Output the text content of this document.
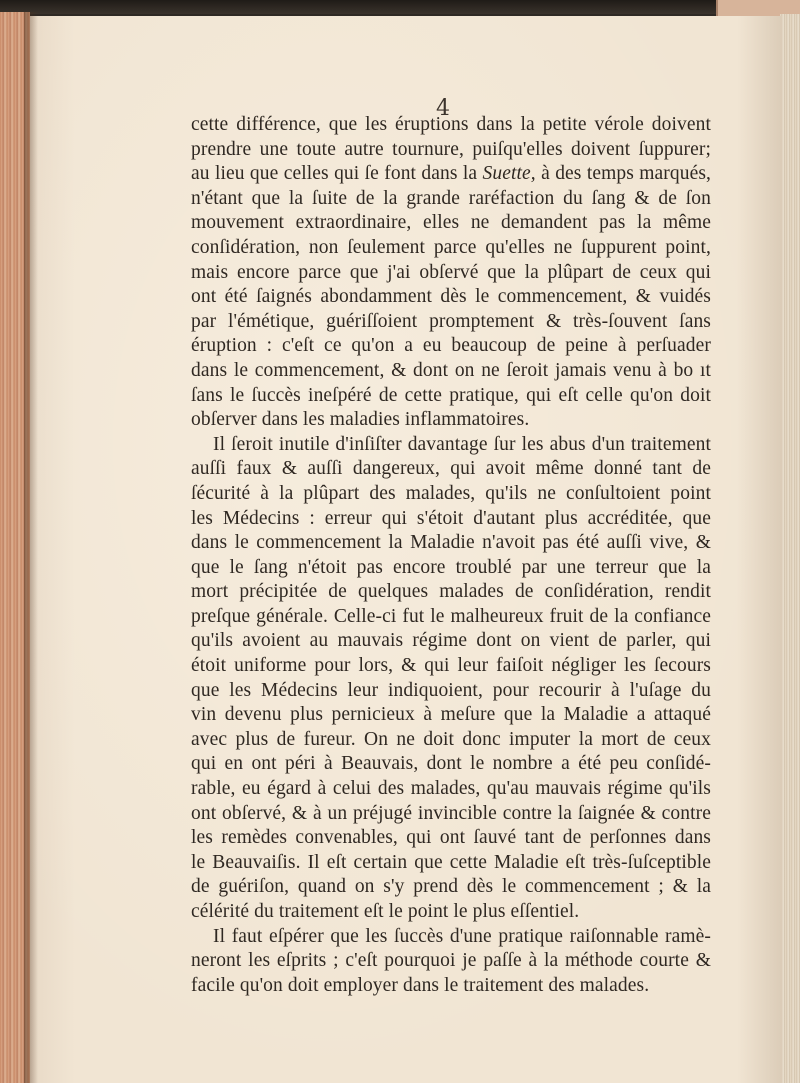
4
cette différence, que les éruptions dans la petite vérole doivent
prendre une toute autre tournure, puiſqu'elles doivent ſuppurer;
au lieu que celles qui ſe font dans la Suette, à des temps marqués,
n'étant que la ſuite de la grande raréfaction du ſang & de ſon
mouvement extraordinaire, elles ne demandent pas la même
conſidération, non ſeulement parce qu'elles ne ſuppurent point,
mais encore parce que j'ai obſervé que la plûpart de ceux qui
ont été ſaignés abondamment dès le commencement, & vuidés
par l'émétique, guériſſoient promptement & très-ſouvent ſans
éruption : c'eſt ce qu'on a eu beaucoup de peine à perſuader
dans le commencement, & dont on ne ſeroit jamais venu à bo ıt
ſans le ſuccès ineſpéré de cette pratique, qui eſt celle qu'on doit
obſerver dans les maladies inflammatoires.
Il ſeroit inutile d'inſiſter davantage ſur les abus d'un traitement
auſſi faux & auſſi dangereux, qui avoit même donné tant de
ſécurité à la plûpart des malades, qu'ils ne conſultoient point
les Médecins : erreur qui s'étoit d'autant plus accréditée, que
dans le commencement la Maladie n'avoit pas été auſſi vive, &
que le ſang n'étoit pas encore troublé par une terreur que la
mort précipitée de quelques malades de conſidération, rendit
preſque générale. Celle-ci fut le malheureux fruit de la confiance
qu'ils avoient au mauvais régime dont on vient de parler, qui
étoit uniforme pour lors, & qui leur faiſoit négliger les ſecours
que les Médecins leur indiquoient, pour recourir à l'uſage du
vin devenu plus pernicieux à meſure que la Maladie a attaqué
avec plus de fureur. On ne doit donc imputer la mort de ceux
qui en ont péri à Beauvais, dont le nombre a été peu conſidé-
rable, eu égard à celui des malades, qu'au mauvais régime qu'ils
ont obſervé, & à un préjugé invincible contre la ſaignée & contre
les remèdes convenables, qui ont ſauvé tant de perſonnes dans
le Beauvaiſis. Il eſt certain que cette Maladie eſt très-ſuſceptible
de guériſon, quand on s'y prend dès le commencement ; & la
célérité du traitement eſt le point le plus eſſentiel.
Il faut eſpérer que les ſuccès d'une pratique raiſonnable ramè-
neront les eſprits ; c'eſt pourquoi je paſſe à la méthode courte &
facile qu'on doit employer dans le traitement des malades.
